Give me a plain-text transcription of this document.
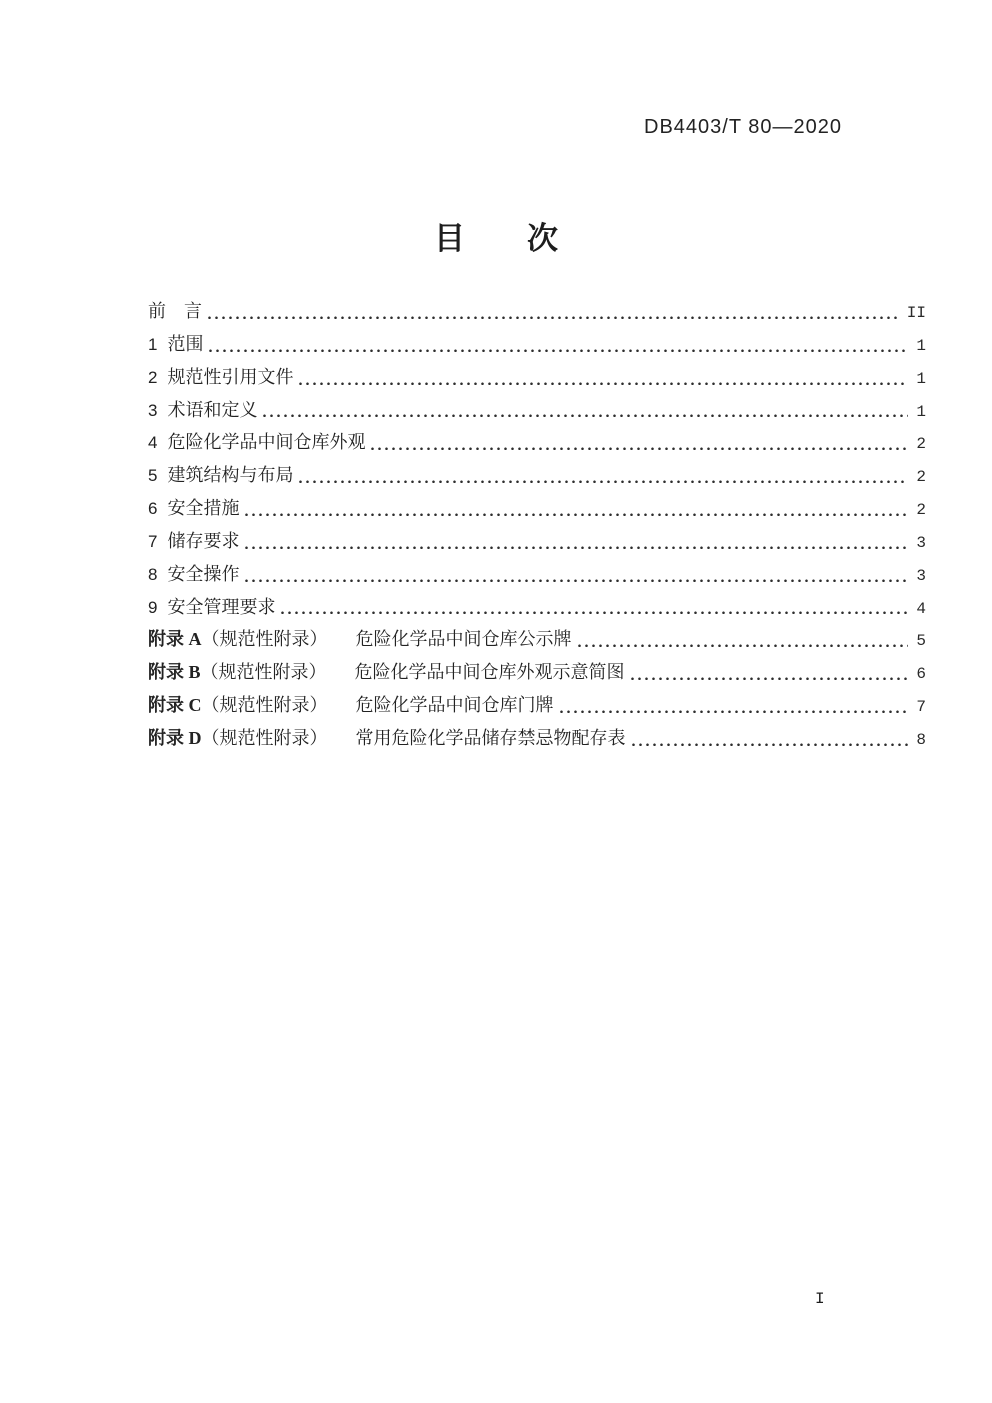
DB4403/T 80—2020
目　　次
前　言	II
1 范围	1
2 规范性引用文件	1
3 术语和定义	1
4 危险化学品中间仓库外观	2
5 建筑结构与布局	2
6 安全措施	2
7 储存要求	3
8 安全操作	3
9 安全管理要求	4
附录 A （规范性附录） 危险化学品中间仓库公示牌	5
附录 B （规范性附录） 危险化学品中间仓库外观示意简图	6
附录 C （规范性附录） 危险化学品中间仓库门牌	7
附录 D （规范性附录） 常用危险化学品储存禁忌物配存表	8
I
